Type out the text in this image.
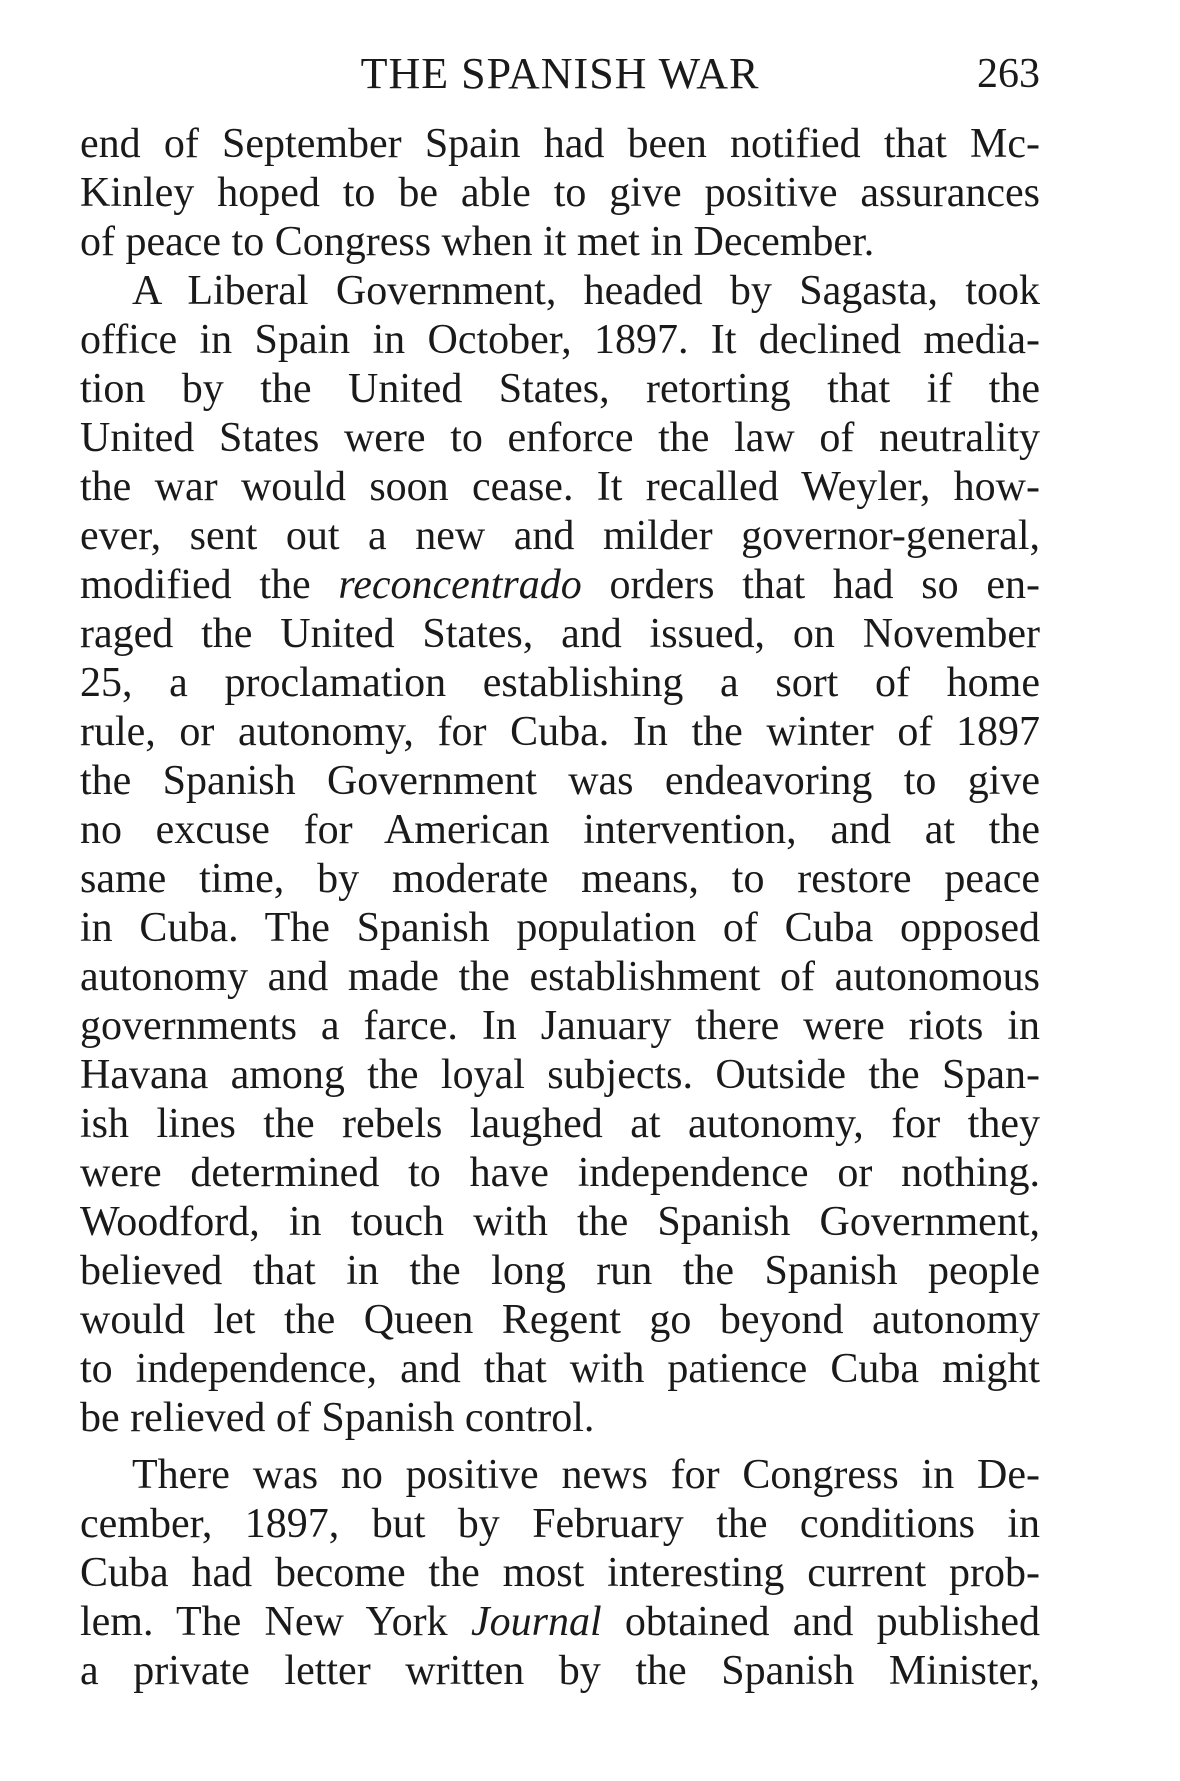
THE SPANISH WAR	263
end of September Spain had been notified that Mc-
Kinley hoped to be able to give positive assurances
of peace to Congress when it met in December.
A Liberal Government, headed by Sagasta, took
office in Spain in October, 1897. It declined media-
tion by the United States, retorting that if the
United States were to enforce the law of neutrality
the war would soon cease. It recalled Weyler, how-
ever, sent out a new and milder governor-general,
modified the reconcentrado orders that had so en-
raged the United States, and issued, on November
25, a proclamation establishing a sort of home
rule, or autonomy, for Cuba. In the winter of 1897
the Spanish Government was endeavoring to give
no excuse for American intervention, and at the
same time, by moderate means, to restore peace
in Cuba. The Spanish population of Cuba opposed
autonomy and made the establishment of autonomous
governments a farce. In January there were riots in
Havana among the loyal subjects. Outside the Span-
ish lines the rebels laughed at autonomy, for they
were determined to have independence or nothing.
Woodford, in touch with the Spanish Government,
believed that in the long run the Spanish people
would let the Queen Regent go beyond autonomy
to independence, and that with patience Cuba might
be relieved of Spanish control.
There was no positive news for Congress in De-
cember, 1897, but by February the conditions in
Cuba had become the most interesting current prob-
lem. The New York Journal obtained and published
a private letter written by the Spanish Minister,
